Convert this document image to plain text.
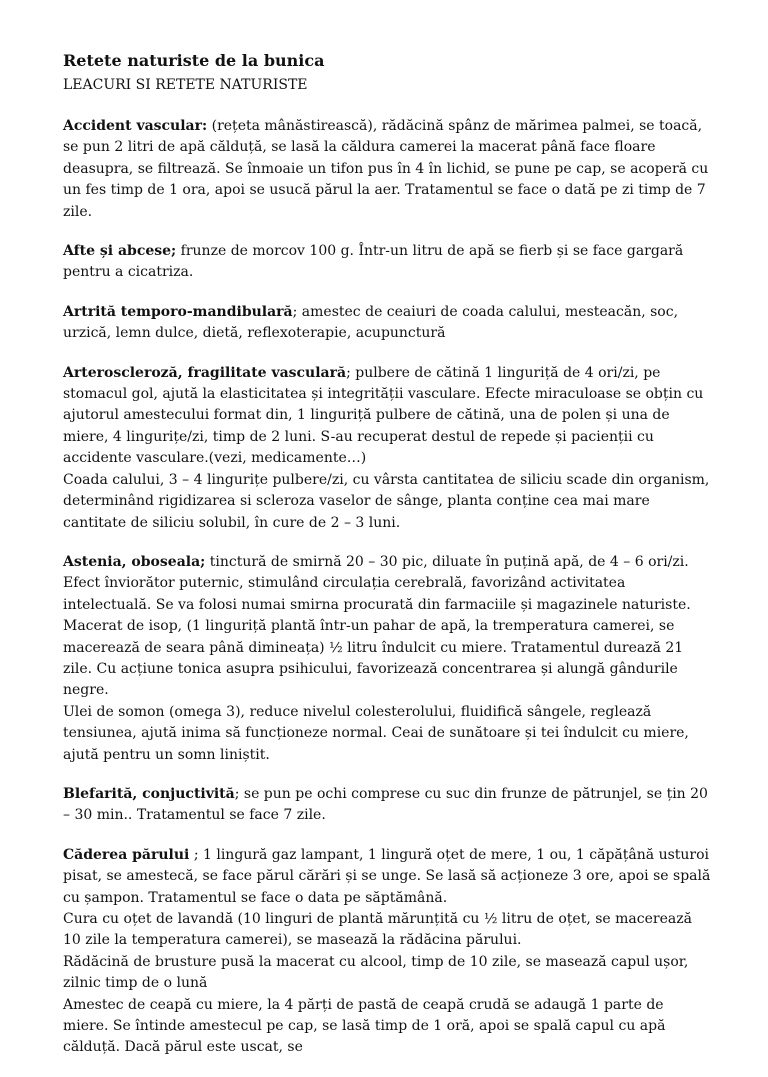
Retete naturiste de la bunica
LEACURI SI RETETE NATURISTE

Accident vascular: (rețeta mânăstirească), rădăcină spânz de mărimea palmei, se toacă, se pun 2 litri de apă călduță, se lasă la căldura camerei la macerat până face floare deasupra, se filtrează. Se înmoaie un tifon pus în 4 în lichid, se pune pe cap, se acoperă cu un fes timp de 1 ora, apoi se usucă părul la aer. Tratamentul se face o dată pe zi timp de 7 zile.

Afte și abcese; frunze de morcov 100 g. Într-un litru de apă se fierb și se face gargară pentru a cicatriza.

Artrită temporo-mandibulară; amestec de ceaiuri de coada calului, mesteacăn, soc, urzică, lemn dulce, dietă, reflexoterapie, acupunctură

Arteroscleroză, fragilitate vasculară; pulbere de cătină 1 linguriță de 4 ori/zi, pe stomacul gol, ajută la elasticitatea și integrității vasculare. Efecte miraculoase se obțin cu ajutorul amestecului format din, 1 linguriță pulbere de cătină, una de polen și una de miere, 4 lingurițe/zi, timp de 2 luni. S-au recuperat destul de repede și pacienții cu accidente vasculare.(vezi, medicamente…)

Coada calului, 3 – 4 lingurițe pulbere/zi, cu vârsta cantitatea de siliciu scade din organism, determinând rigidizarea si scleroza vaselor de sânge, planta conține cea mai mare cantitate de siliciu solubil, în cure de 2 – 3 luni.

Astenia, oboseala; tinctură de smirnă 20 – 30 pic, diluate în puțină apă, de 4 – 6 ori/zi. Efect înviorător puternic, stimulând circulația cerebrală, favorizând activitatea intelectuală. Se va folosi numai smirna procurată din farmaciile și magazinele naturiste.

Macerat de isop, (1 linguriță plantă într-un pahar de apă, la tremperatura camerei, se macerează de seara până dimineața) ½ litru îndulcit cu miere. Tratamentul durează 21 zile. Cu acțiune tonica asupra psihicului, favorizează concentrarea și alungă gândurile negre.

Ulei de somon (omega 3), reduce nivelul colesterolului, fluidifică sângele, reglează tensiunea, ajută inima să funcționeze normal. Ceai de sunătoare și tei îndulcit cu miere, ajută pentru un somn liniștit.

Blefarită, conjuctivită; se pun pe ochi comprese cu suc din frunze de pătrunjel, se țin 20 – 30 min.. Tratamentul se face 7 zile.

Căderea părului ; 1 lingură gaz lampant, 1 lingură oțet de mere, 1 ou, 1 căpățână usturoi pisat, se amestecă, se face părul cărări și se unge. Se lasă să acționeze 3 ore, apoi se spală cu șampon. Tratamentul se face o data pe săptămână.

Cura cu oțet de lavandă (10 linguri de plantă mărunțită cu ½ litru de oțet, se macerează 10 zile la temperatura camerei), se masează la rădăcina părului.

Rădăcină de brusture pusă la macerat cu alcool, timp de 10 zile, se masează capul ușor, zilnic timp de o lună

Amestec de ceapă cu miere, la 4 părți de pastă de ceapă crudă se adaugă 1 parte de miere. Se întinde amestecul pe cap, se lasă timp de 1 oră, apoi se spală capul cu apă călduță. Dacă părul este uscat, se
